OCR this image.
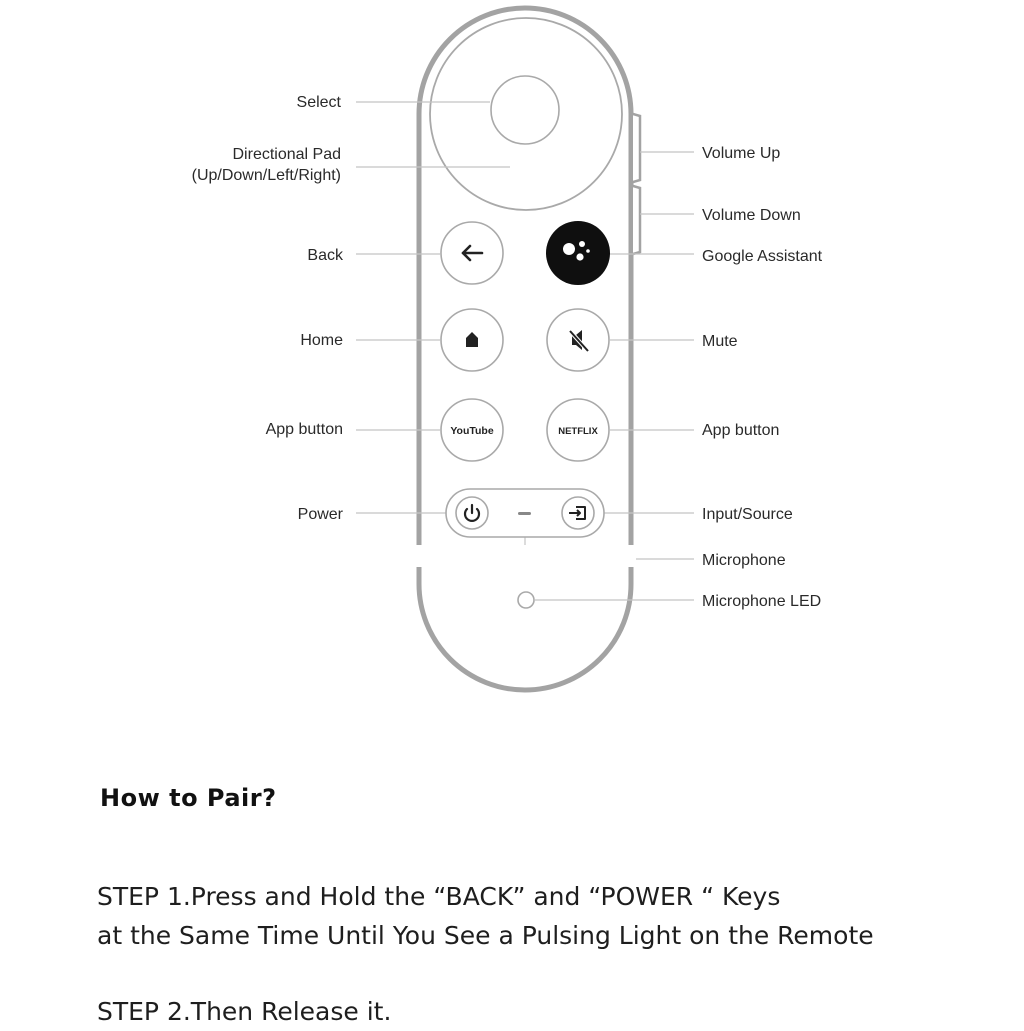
YouTube	NETFLIX
Select
Directional Pad
(Up/Down/Left/Right)
Back
Home
App button
Power
Volume Up
Volume Down
Google Assistant
Mute
App button
Input/Source
Microphone
Microphone LED
How to Pair?

STEP 1.Press and Hold the “BACK” and “POWER “ Keys
at the Same Time Until You See a Pulsing Light on the Remote

STEP 2.Then Release it.
